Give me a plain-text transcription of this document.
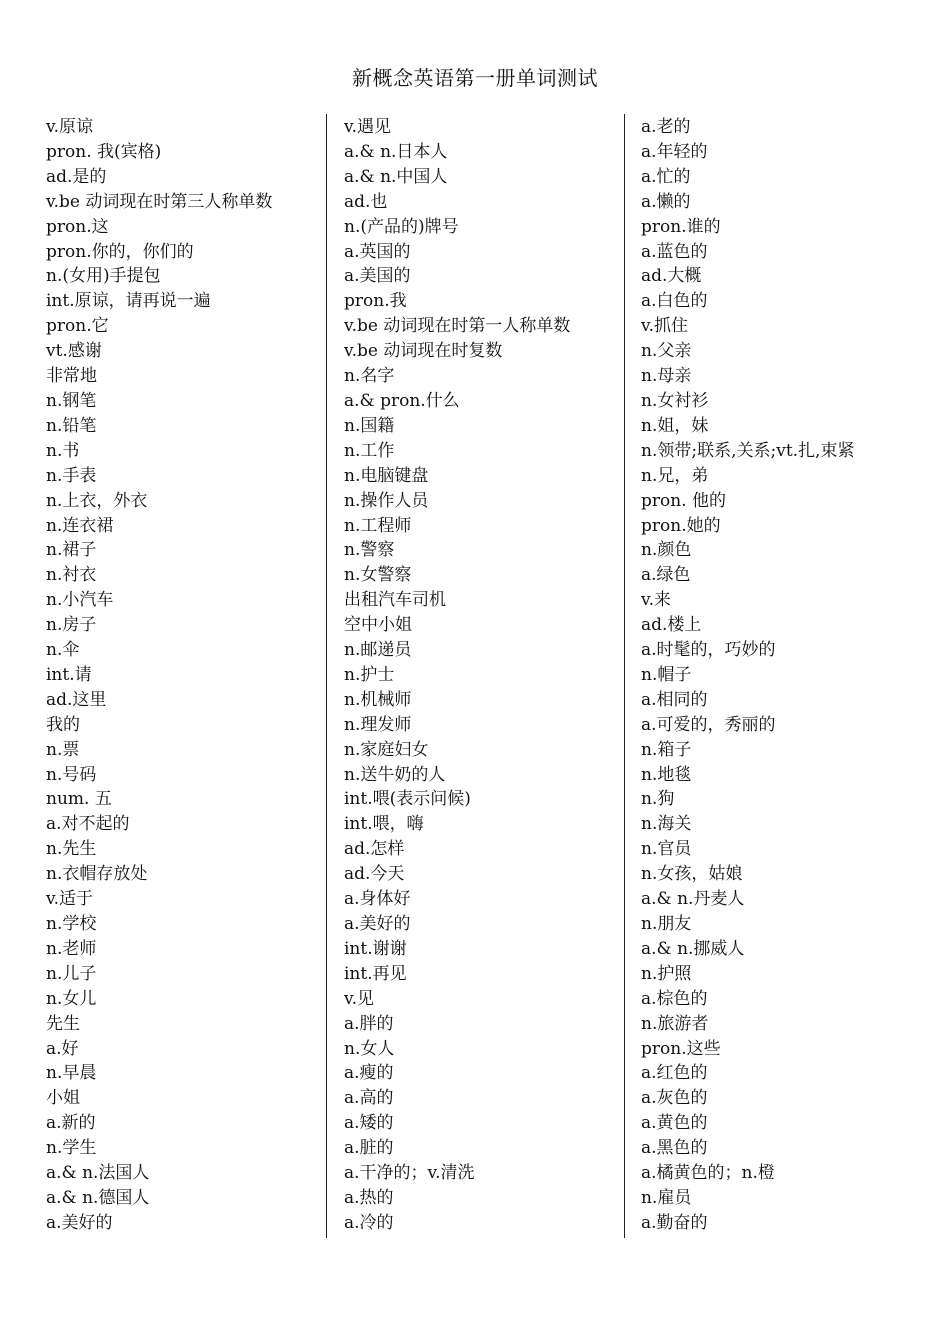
新概念英语第一册单词测试
v.原谅
pron. 我(宾格)
ad.是的
v.be 动词现在时第三人称单数
pron.这
pron.你的，你们的
n.(女用)手提包
int.原谅，请再说一遍
pron.它
vt.感谢
非常地
n.钢笔
n.铅笔
n.书
n.手表
n.上衣，外衣
n.连衣裙
n.裙子
n.衬衣
n.小汽车
n.房子
n.伞
int.请
ad.这里
我的
n.票
n.号码
num. 五
a.对不起的
n.先生
n.衣帽存放处
v.适于
n.学校
n.老师
n.儿子
n.女儿
先生
a.好
n.早晨
小姐
a.新的
n.学生
a.& n.法国人
a.& n.德国人
a.美好的
v.遇见
a.& n.日本人
a.& n.中国人
ad.也
n.(产品的)牌号
a.英国的
a.美国的
pron.我
v.be 动词现在时第一人称单数
v.be 动词现在时复数
n.名字
a.& pron.什么
n.国籍
n.工作
n.电脑键盘
n.操作人员
n.工程师
n.警察
n.女警察
出租汽车司机
空中小姐
n.邮递员
n.护士
n.机械师
n.理发师
n.家庭妇女
n.送牛奶的人
int.喂(表示问候)
int.喂，嗨
ad.怎样
ad.今天
a.身体好
a.美好的
int.谢谢
int.再见
v.见
a.胖的
n.女人
a.瘦的
a.高的
a.矮的
a.脏的
a.干净的；v.清洗
a.热的
a.冷的
a.老的
a.年轻的
a.忙的
a.懒的
pron.谁的
a.蓝色的
ad.大概
a.白色的
v.抓住
n.父亲
n.母亲
n.女衬衫
n.姐，妹
n.领带;联系,关系;vt.扎,束紧
n.兄，弟
pron. 他的
pron.她的
n.颜色
a.绿色
v.来
ad.楼上
a.时髦的，巧妙的
n.帽子
a.相同的
a.可爱的，秀丽的
n.箱子
n.地毯
n.狗
n.海关
n.官员
n.女孩，姑娘
a.& n.丹麦人
n.朋友
a.& n.挪威人
n.护照
a.棕色的
n.旅游者
pron.这些
a.红色的
a.灰色的
a.黄色的
a.黑色的
a.橘黄色的；n.橙
n.雇员
a.勤奋的
